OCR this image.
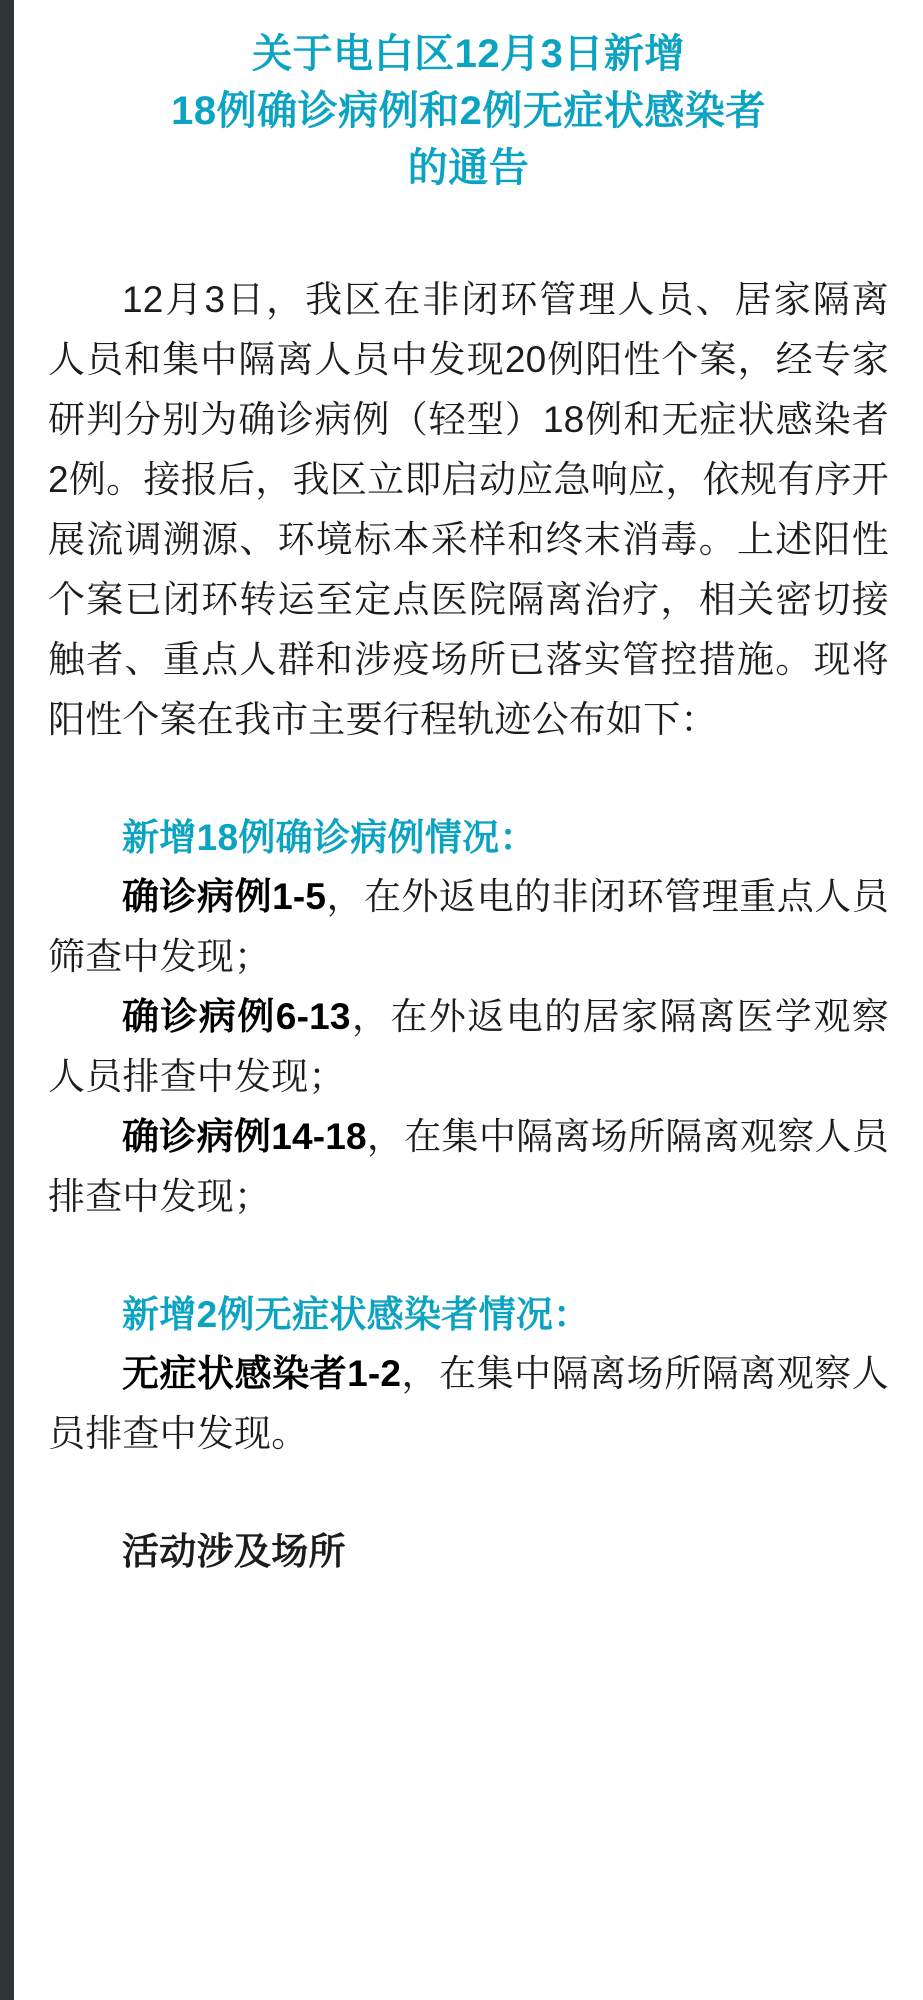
关于电白区12月3日新增
18例确诊病例和2例无症状感染者
的通告

12月3日，我区在非闭环管理人员、居家隔离人员和集中隔离人员中发现20例阳性个案，经专家研判分别为确诊病例（轻型）18例和无症状感染者2例。接报后，我区立即启动应急响应，依规有序开展流调溯源、环境标本采样和终末消毒。上述阳性个案已闭环转运至定点医院隔离治疗，相关密切接触者、重点人群和涉疫场所已落实管控措施。现将阳性个案在我市主要行程轨迹公布如下：

新增18例确诊病例情况：

确诊病例1-5，在外返电的非闭环管理重点人员筛查中发现；

确诊病例6-13，在外返电的居家隔离医学观察人员排查中发现；

确诊病例14-18，在集中隔离场所隔离观察人员排查中发现；

新增2例无症状感染者情况：

无症状感染者1-2，在集中隔离场所隔离观察人员排查中发现。

活动涉及场所
